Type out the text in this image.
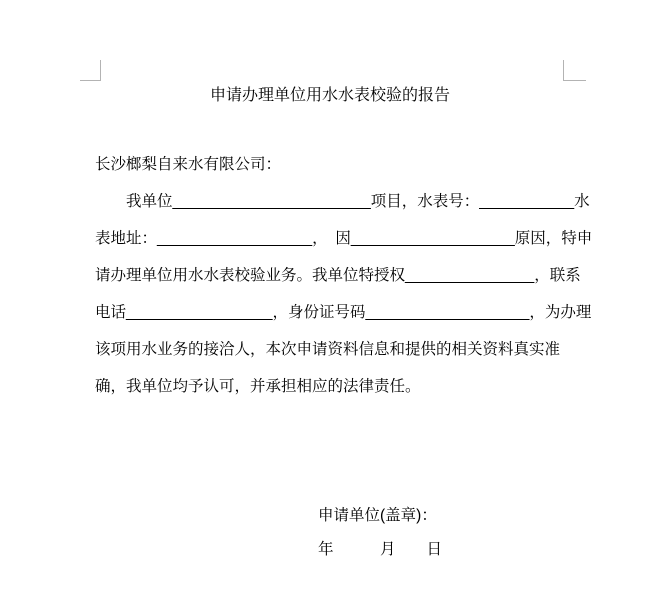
申请办理单位用水水表校验的报告
长沙榔梨自来水有限公司：
　　我单位_______________________项目，水表号：___________水
表地址：__________________，　因___________________原因，特申
请办理单位用水水表校验业务。我单位特授权_______________，联系
电话_________________，身份证号码___________________，为办理
该项用水业务的接洽人，本次申请资料信息和提供的相关资料真实准
确，我单位均予认可，并承担相应的法律责任。
申请单位(盖章)：
年　　　月　　日
